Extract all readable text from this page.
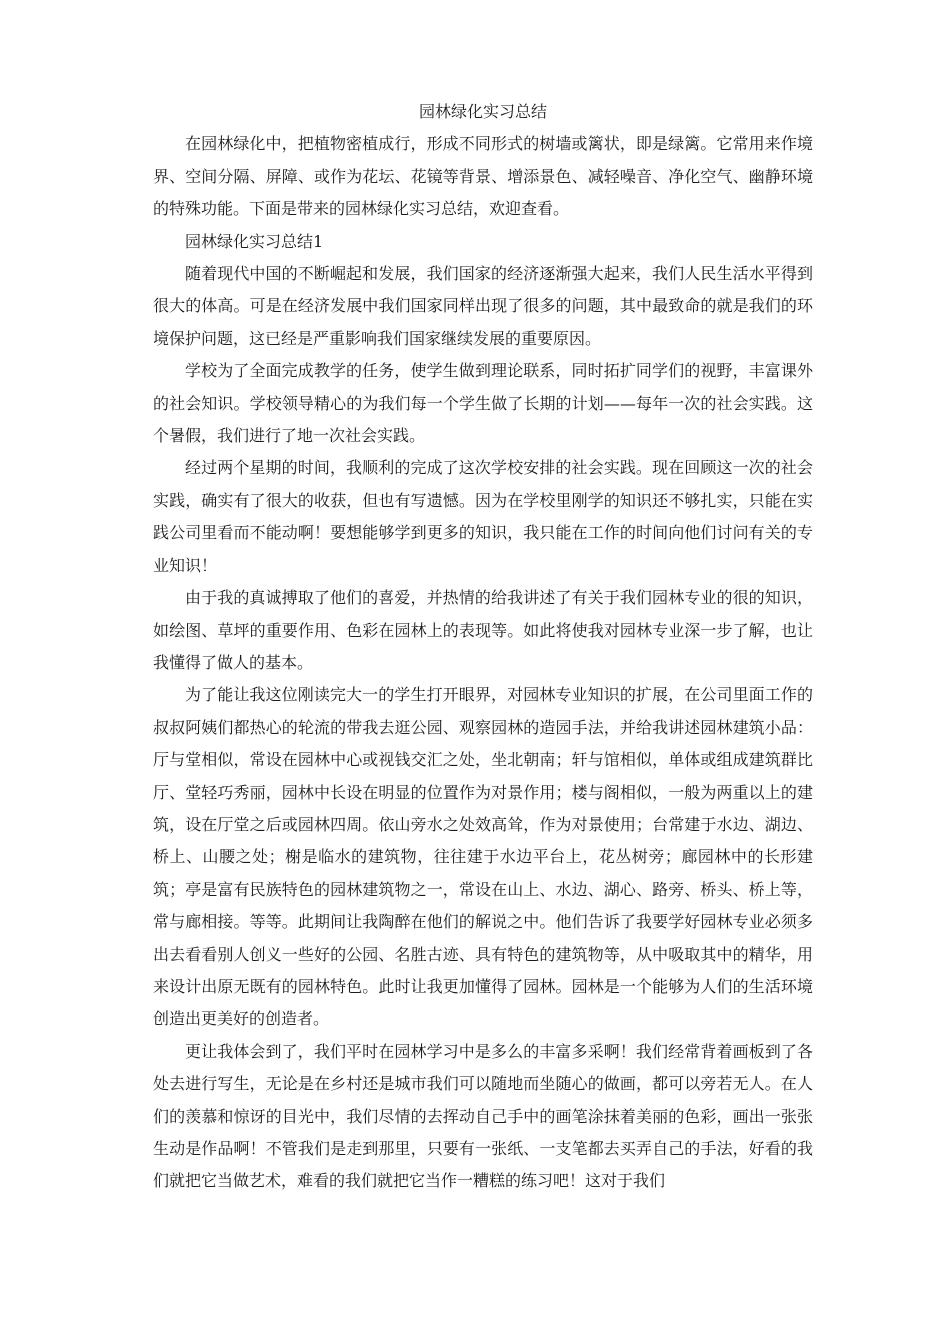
园林绿化实习总结

在园林绿化中，把植物密植成行，形成不同形式的树墙或篱状，即是绿篱。它常用来作境界、空间分隔、屏障、或作为花坛、花镜等背景、增添景色、减轻噪音、净化空气、幽静环境的特殊功能。下面是带来的园林绿化实习总结，欢迎查看。

园林绿化实习总结1

随着现代中国的不断崛起和发展，我们国家的经济逐渐强大起来，我们人民生活水平得到很大的体高。可是在经济发展中我们国家同样出现了很多的问题，其中最致命的就是我们的环境保护问题，这已经是严重影响我们国家继续发展的重要原因。

学校为了全面完成教学的任务，使学生做到理论联系，同时拓扩同学们的视野，丰富课外的社会知识。学校领导精心的为我们每一个学生做了长期的计划——每年一次的社会实践。这个暑假，我们进行了地一次社会实践。

经过两个星期的时间，我顺利的完成了这次学校安排的社会实践。现在回顾这一次的社会实践，确实有了很大的收获，但也有写遗憾。因为在学校里刚学的知识还不够扎实，只能在实践公司里看而不能动啊！要想能够学到更多的知识，我只能在工作的时间向他们讨问有关的专业知识！

由于我的真诚搏取了他们的喜爱，并热情的给我讲述了有关于我们园林专业的很的知识，如绘图、草坪的重要作用、色彩在园林上的表现等。如此将使我对园林专业深一步了解，也让我懂得了做人的基本。

为了能让我这位刚读完大一的学生打开眼界，对园林专业知识的扩展，在公司里面工作的叔叔阿姨们都热心的轮流的带我去逛公园、观察园林的造园手法，并给我讲述园林建筑小品：厅与堂相似，常设在园林中心或视钱交汇之处，坐北朝南；轩与馆相似，单体或组成建筑群比厅、堂轻巧秀丽，园林中长设在明显的位置作为对景作用；楼与阁相似，一般为两重以上的建筑，设在厅堂之后或园林四周。依山旁水之处效高耸，作为对景使用；台常建于水边、湖边、桥上、山腰之处；榭是临水的建筑物，往往建于水边平台上，花丛树旁；廊园林中的长形建筑；亭是富有民族特色的园林建筑物之一，常设在山上、水边、湖心、路旁、桥头、桥上等，常与廊相接。等等。此期间让我陶醉在他们的解说之中。他们告诉了我要学好园林专业必须多出去看看别人创义一些好的公园、名胜古迹、具有特色的建筑物等，从中吸取其中的精华，用来设计出原无既有的园林特色。此时让我更加懂得了园林。园林是一个能够为人们的生活环境创造出更美好的创造者。

更让我体会到了，我们平时在园林学习中是多么的丰富多采啊！我们经常背着画板到了各处去进行写生，无论是在乡村还是城市我们可以随地而坐随心的做画，都可以旁若无人。在人们的羡慕和惊讶的目光中，我们尽情的去挥动自己手中的画笔涂抹着美丽的色彩，画出一张张生动是作品啊！不管我们是走到那里，只要有一张纸、一支笔都去买弄自己的手法，好看的我们就把它当做艺术，难看的我们就把它当作一糟糕的练习吧！这对于我们
